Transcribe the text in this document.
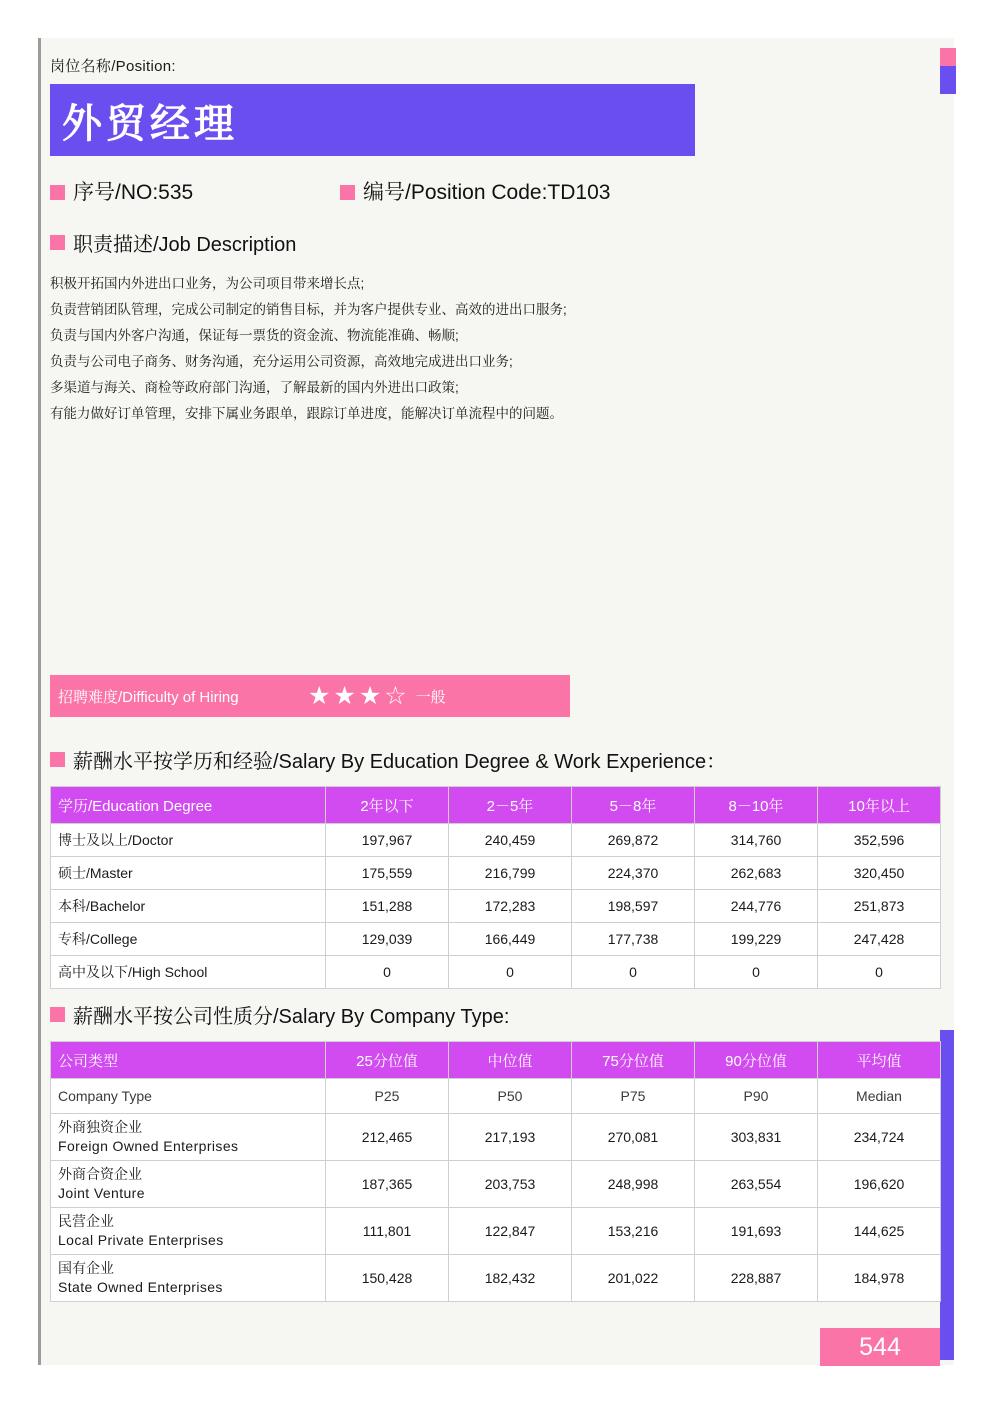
岗位名称/Position:
外贸经理
序号/NO:535	编号/Position Code:TD103
职责描述/Job Description
积极开拓国内外进出口业务，为公司项目带来增长点;
负责营销团队管理，完成公司制定的销售目标，并为客户提供专业、高效的进出口服务;
负责与国内外客户沟通，保证每一票货的资金流、物流能准确、畅顺;
负责与公司电子商务、财务沟通，充分运用公司资源，高效地完成进出口业务;
多渠道与海关、商检等政府部门沟通，了解最新的国内外进出口政策;
有能力做好订单管理，安排下属业务跟单，跟踪订单进度，能解决订单流程中的问题。
招聘难度/Difficulty of Hiring	★★★☆ 一般
薪酬水平按学历和经验/Salary By Education Degree & Work Experience：
学历/Education Degree	2年以下	2－5年	5－8年	8－10年	10年以上
博士及以上/Doctor	197,967	240,459	269,872	314,760	352,596
硕士/Master	175,559	216,799	224,370	262,683	320,450
本科/Bachelor	151,288	172,283	198,597	244,776	251,873
专科/College	129,039	166,449	177,738	199,229	247,428
高中及以下/High School	0	0	0	0	0
薪酬水平按公司性质分/Salary By Company Type:
公司类型	25分位值	中位值	75分位值	90分位值	平均值
Company Type	P25	P50	P75	P90	Median

外商独资企业
Foreign Owned Enterprises	212,465	217,193	270,081	303,831	234,724

外商合资企业
Joint Venture	187,365	203,753	248,998	263,554	196,620

民营企业
Local Private Enterprises	111,801	122,847	153,216	191,693	144,625

国有企业
State Owned Enterprises	150,428	182,432	201,022	228,887	184,978
544
